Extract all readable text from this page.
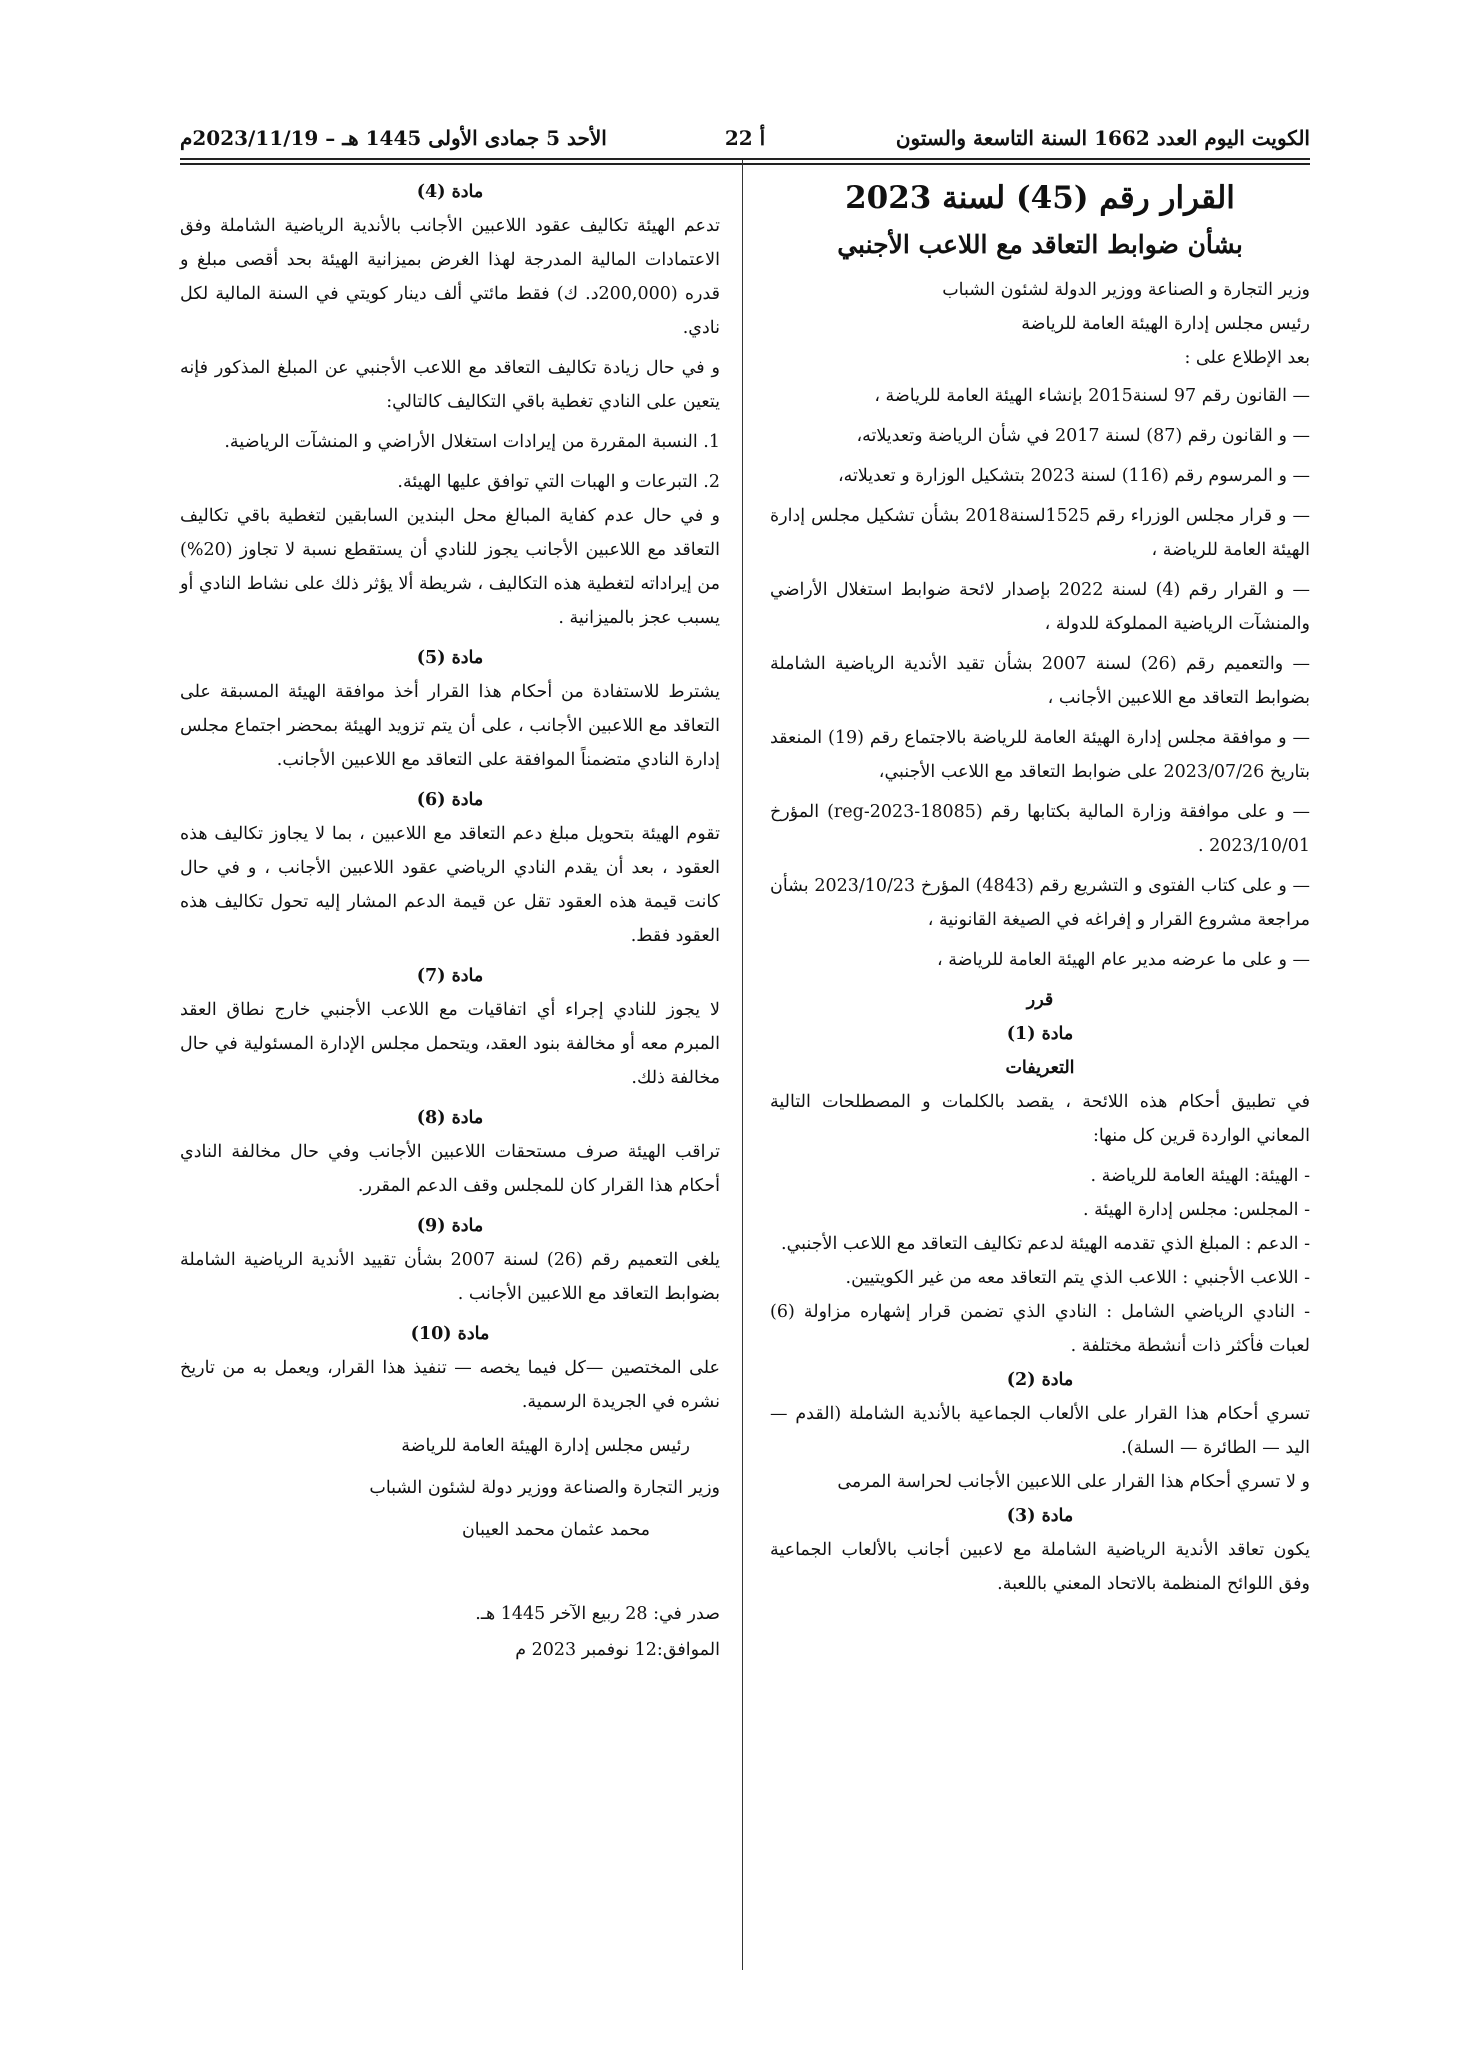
الكويت اليوم العدد 1662 السنة التاسعة والستون
أ 22
الأحد 5 جمادى الأولى 1445 هـ – 2023/11/19م
القرار رقم (45) لسنة 2023
بشأن ضوابط التعاقد مع اللاعب الأجنبي

وزير التجارة و الصناعة ووزير الدولة لشئون الشباب

رئيس مجلس إدارة الهيئة العامة للرياضة

بعد الإطلاع على :

— القانون رقم 97 لسنة2015 بإنشاء الهيئة العامة للرياضة ،

— و القانون رقم (87) لسنة 2017 في شأن الرياضة وتعديلاته،

— و المرسوم رقم (116) لسنة 2023 بتشكيل الوزارة و تعديلاته،

— و قرار مجلس الوزراء رقم 1525لسنة2018 بشأن تشكيل مجلس إدارة الهيئة العامة للرياضة ،

— و القرار رقم (4) لسنة 2022 بإصدار لائحة ضوابط استغلال الأراضي والمنشآت الرياضية المملوكة للدولة ،

— والتعميم رقم (26) لسنة 2007 بشأن تقيد الأندية الرياضية الشاملة بضوابط التعاقد مع اللاعبين الأجانب ،

— و موافقة مجلس إدارة الهيئة العامة للرياضة بالاجتماع رقم (19) المنعقد بتاريخ 2023/07/26 على ضوابط التعاقد مع اللاعب الأجنبي،

— و على موافقة وزارة المالية بكتابها رقم (reg-2023-18085) المؤرخ 2023/10/01 .

— و على كتاب الفتوى و التشريع رقم (4843) المؤرخ 2023/10/23 بشأن مراجعة مشروع القرار و إفراغه في الصيغة القانونية ،

— و على ما عرضه مدير عام الهيئة العامة للرياضة ،

قرر

مادة (1)

التعريفات

في تطبيق أحكام هذه اللائحة ، يقصد بالكلمات و المصطلحات التالية المعاني الواردة قرين كل منها:

- الهيئة: الهيئة العامة للرياضة .

- المجلس: مجلس إدارة الهيئة .

- الدعم : المبلغ الذي تقدمه الهيئة لدعم تكاليف التعاقد مع اللاعب الأجنبي.

- اللاعب الأجنبي : اللاعب الذي يتم التعاقد معه من غير الكويتيين.

- النادي الرياضي الشامل : النادي الذي تضمن قرار إشهاره مزاولة (6) لعبات فأكثر ذات أنشطة مختلفة .

مادة (2)

تسري أحكام هذا القرار على الألعاب الجماعية بالأندية الشاملة (القدم — اليد — الطائرة — السلة).

و لا تسري أحكام هذا القرار على اللاعبين الأجانب لحراسة المرمى

مادة (3)

يكون تعاقد الأندية الرياضية الشاملة مع لاعبين أجانب بالألعاب الجماعية وفق اللوائح المنظمة بالاتحاد المعني باللعبة.

مادة (4)

تدعم الهيئة تكاليف عقود اللاعبين الأجانب بالأندية الرياضية الشاملة وفق الاعتمادات المالية المدرجة لهذا الغرض بميزانية الهيئة بحد أقصى مبلغ و قدره (200,000د. ك) فقط مائتي ألف دينار كويتي في السنة المالية لكل نادي.

و في حال زيادة تكاليف التعاقد مع اللاعب الأجنبي عن المبلغ المذكور فإنه يتعين على النادي تغطية باقي التكاليف كالتالي:

1. النسبة المقررة من إيرادات استغلال الأراضي و المنشآت الرياضية.

2. التبرعات و الهبات التي توافق عليها الهيئة.

و في حال عدم كفاية المبالغ محل البندين السابقين لتغطية باقي تكاليف التعاقد مع اللاعبين الأجانب يجوز للنادي أن يستقطع نسبة لا تجاوز (20%) من إيراداته لتغطية هذه التكاليف ، شريطة ألا يؤثر ذلك على نشاط النادي أو يسبب عجز بالميزانية .

مادة (5)

يشترط للاستفادة من أحكام هذا القرار أخذ موافقة الهيئة المسبقة على التعاقد مع اللاعبين الأجانب ، على أن يتم تزويد الهيئة بمحضر اجتماع مجلس إدارة النادي متضمناً الموافقة على التعاقد مع اللاعبين الأجانب.

مادة (6)

تقوم الهيئة بتحويل مبلغ دعم التعاقد مع اللاعبين ، بما لا يجاوز تكاليف هذه العقود ، بعد أن يقدم النادي الرياضي عقود اللاعبين الأجانب ، و في حال كانت قيمة هذه العقود تقل عن قيمة الدعم المشار إليه تحول تكاليف هذه العقود فقط.

مادة (7)

لا يجوز للنادي إجراء أي اتفاقيات مع اللاعب الأجنبي خارج نطاق العقد المبرم معه أو مخالفة بنود العقد، ويتحمل مجلس الإدارة المسئولية في حال مخالفة ذلك.

مادة (8)

تراقب الهيئة صرف مستحقات اللاعبين الأجانب وفي حال مخالفة النادي أحكام هذا القرار كان للمجلس وقف الدعم المقرر.

مادة (9)

يلغى التعميم رقم (26) لسنة 2007 بشأن تقييد الأندية الرياضية الشاملة بضوابط التعاقد مع اللاعبين الأجانب .

مادة (10)

على المختصين —كل فيما يخصه — تنفيذ هذا القرار، ويعمل به من تاريخ نشره في الجريدة الرسمية.

رئيس مجلس إدارة الهيئة العامة للرياضة

وزير التجارة والصناعة ووزير دولة لشئون الشباب

محمد عثمان محمد العيبان

صدر في: 28 ربيع الآخر 1445 هـ.

الموافق:12 نوفمبر 2023 م
